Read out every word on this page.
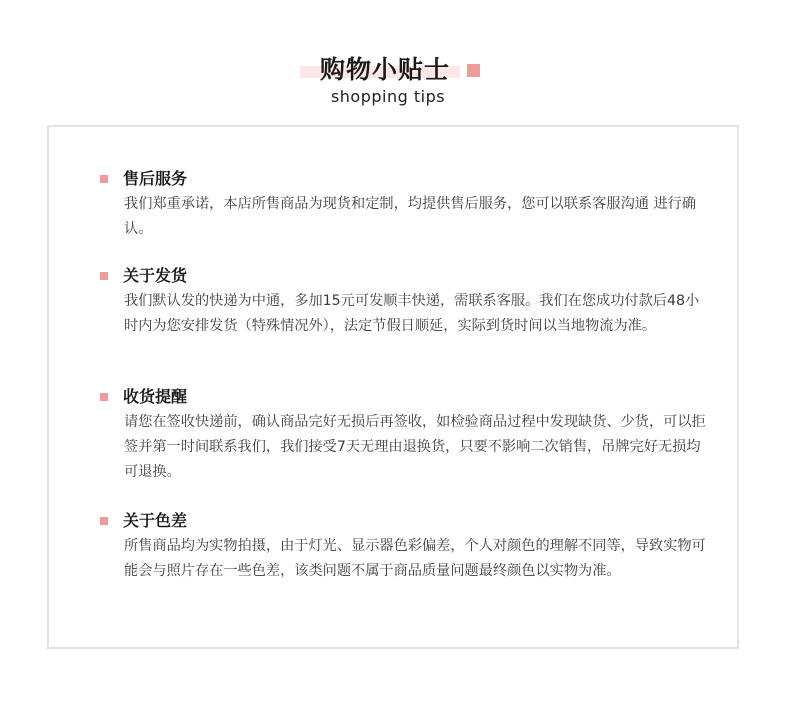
购物小贴士
shopping tips
售后服务
我们郑重承诺，本店所售商品为现货和定制，均提供售后服务，您可以联系客服沟通 进行确认。
关于发货
我们默认发的快递为中通，多加15元可发顺丰快递，需联系客服。我们在您成功付款后48小时内为您安排发货（特殊情况外），法定节假日顺延，实际到货时间以当地物流为准。
收货提醒
请您在签收快递前，确认商品完好无损后再签收，如检验商品过程中发现缺货、少货，可以拒签并第一时间联系我们，我们接受7天无理由退换货，只要不影响二次销售，吊牌完好无损均可退换。
关于色差
所售商品均为实物拍摄，由于灯光、显示器色彩偏差，个人对颜色的理解不同等，导致实物可能会与照片存在一些色差，该类问题不属于商品质量问题最终颜色以实物为准。
